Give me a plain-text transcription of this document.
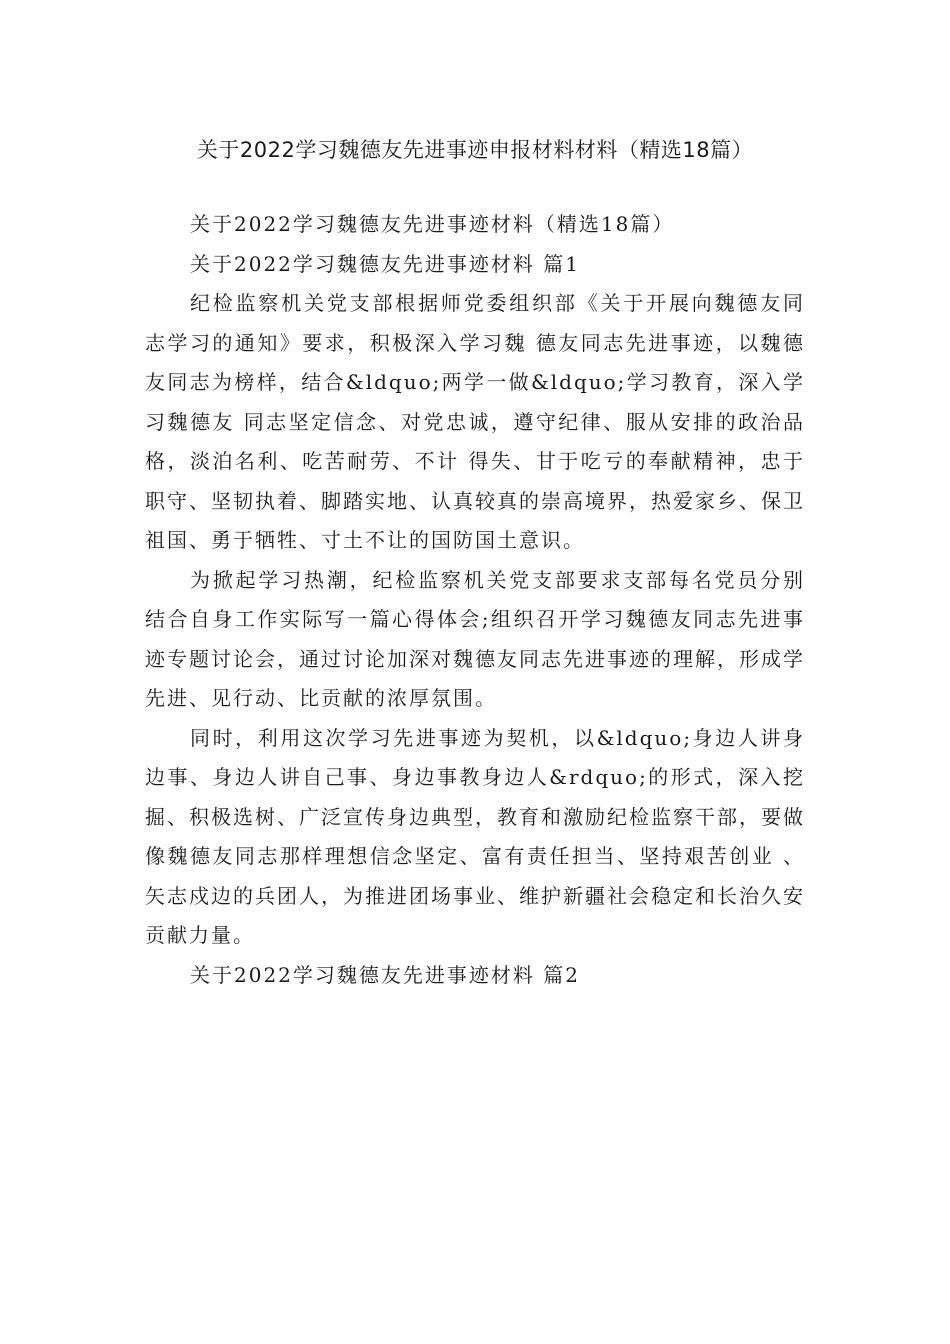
关于2022学习魏德友先进事迹申报材料材料（精选18篇）

关于2022学习魏德友先进事迹材料（精选18篇）

关于2022学习魏德友先进事迹材料 篇1

纪检监察机关党支部根据师党委组织部《关于开展向魏德友同志学习的通知》要求，积极深入学习魏 德友同志先进事迹，以魏德友同志为榜样，结合&ldquo;两学一做&ldquo;学习教育，深入学习魏德友 同志坚定信念、对党忠诚，遵守纪律、服从安排的政治品格，淡泊名利、吃苦耐劳、不计 得失、甘于吃亏的奉献精神，忠于职守、坚韧执着、脚踏实地、认真较真的崇高境界，热爱家乡、保卫祖国、勇于牺牲、寸土不让的国防国土意识。

为掀起学习热潮，纪检监察机关党支部要求支部每名党员分别结合自身工作实际写一篇心得体会;组织召开学习魏德友同志先进事迹专题讨论会，通过讨论加深对魏德友同志先进事迹的理解，形成学先进、见行动、比贡献的浓厚氛围。

同时，利用这次学习先进事迹为契机，以&ldquo;身边人讲身边事、身边人讲自己事、身边事教身边人&rdquo;的形式，深入挖掘、积极选树、广泛宣传身边典型，教育和激励纪检监察干部，要做像魏德友同志那样理想信念坚定、富有责任担当、坚持艰苦创业 、矢志戍边的兵团人，为推进团场事业、维护新疆社会稳定和长治久安贡献力量。

关于2022学习魏德友先进事迹材料 篇2
